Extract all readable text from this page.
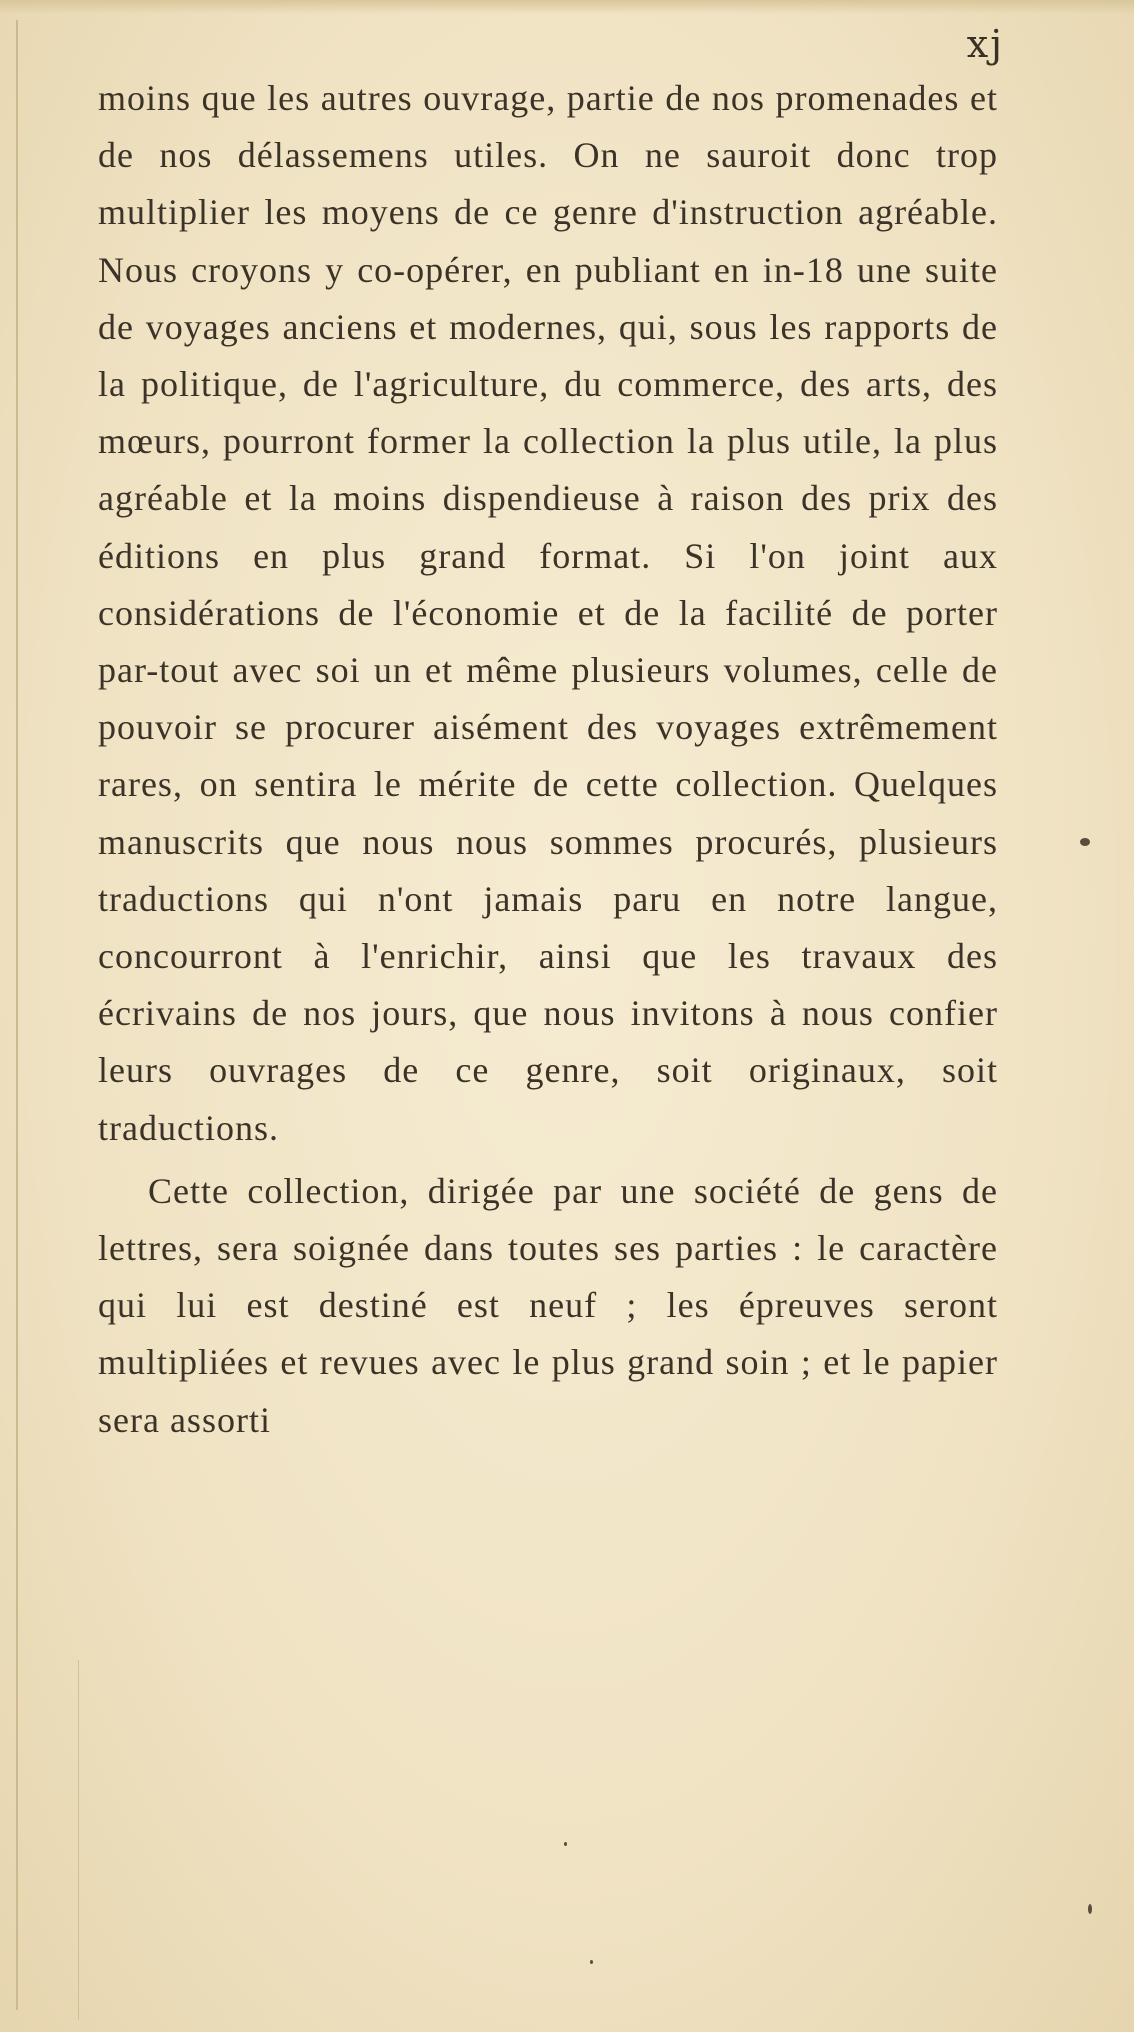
xj

moins que les autres ouvrage, partie de nos promenades et de nos délassemens utiles. On ne sauroit donc trop multiplier les moyens de ce genre d'instruction agréable. Nous croyons y co-opérer, en publiant en in-18 une suite de voyages anciens et modernes, qui, sous les rapports de la politique, de l'agriculture, du commerce, des arts, des mœurs, pourront former la collection la plus utile, la plus agréable et la moins dispendieuse à raison des prix des éditions en plus grand format. Si l'on joint aux considérations de l'économie et de la facilité de porter par-tout avec soi un et même plusieurs volumes, celle de pouvoir se procurer aisément des voyages extrêmement rares, on sentira le mérite de cette collection. Quelques manuscrits que nous nous sommes procurés, plusieurs traductions qui n'ont jamais paru en notre langue, concourront à l'enrichir, ainsi que les travaux des écrivains de nos jours, que nous invitons à nous confier leurs ouvrages de ce genre, soit originaux, soit traductions.

Cette collection, dirigée par une société de gens de lettres, sera soignée dans toutes ses parties : le caractère qui lui est destiné est neuf ; les épreuves seront multipliées et revues avec le plus grand soin ; et le papier sera assorti
